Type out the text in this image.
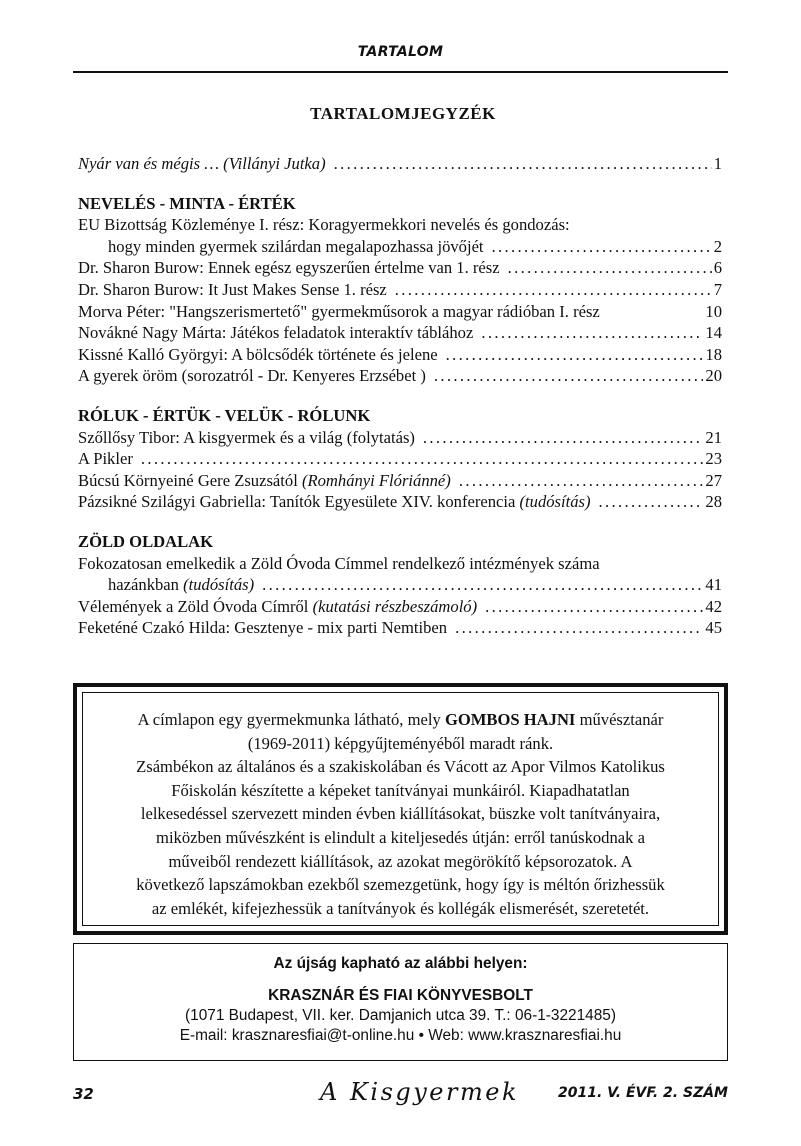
TARTALOM
TARTALOMJEGYZÉK
Nyár van és mégis … (Villányi Jutka) . . .	1
NEVELÉS - MINTA - ÉRTÉK
EU Bizottság Közleménye I. rész: Koragyermekkori nevelés és gondozás:
hogy minden gyermek szilárdan megalapozhassa jövőjét . . .	2
Dr. Sharon Burow: Ennek egész egyszerűen értelme van 1. rész . . .	6
Dr. Sharon Burow: It Just Makes Sense 1. rész . . .	7
Morva Péter: "Hangszerismertető" gyermekműsorok a magyar rádióban I. rész	10
Novákné Nagy Márta: Játékos feladatok interaktív táblához . . .	14
Kissné Kalló Györgyi: A bölcsődék története és jelene . . .	18
A gyerek öröm (sorozatról - Dr. Kenyeres Erzsébet ) . . .	20
RÓLUK - ÉRTÜK - VELÜK - RÓLUNK
Szőllősy Tibor: A kisgyermek és a világ (folytatás) . . .	21
A Pikler . . .	23
Búcsú Környeiné Gere Zsuzsától
(Romhányi Flóriánné) . . .	27
Pázsikné Szilágyi Gabriella: Tanítók Egyesülete XIV. konferencia
(tudósítás) . . .	28
ZÖLD OLDALAK
Fokozatosan emelkedik a Zöld Óvoda Címmel rendelkező intézmények száma
hazánkban
(tudósítás) . . .	41
Vélemények a Zöld Óvoda Címről
(kutatási részbeszámoló) . . .	42
Feketéné Czakó Hilda: Gesztenye - mix parti Nemtiben . . .	45
A címlapon egy gyermekmunka látható, mely GOMBOS HAJNI művésztanár
(1969-2011) képgyűjteményéből maradt ránk.
Zsámbékon az általános és a szakiskolában és Vácott az Apor Vilmos Katolikus
Főiskolán készítette a képeket tanítványai munkáiról. Kiapadhatatlan
lelkesedéssel szervezett minden évben kiállításokat, büszke volt tanítványaira,
miközben művészként is elindult a kiteljesedés útján: erről tanúskodnak a
műveiből rendezett kiállítások, az azokat megörökítő képsorozatok. A
következő lapszámokban ezekből szemezgetünk, hogy így is méltón őrizhessük
az emlékét, kifejezhessük a tanítványok és kollégák elismerését, szeretetét.
Az újság kapható az alábbi helyen:
KRASZNÁR ÉS FIAI KÖNYVESBOLT
(1071 Budapest, VII. ker. Damjanich utca 39. T.: 06-1-3221485)
E-mail: krasznaresfiai@t-online.hu • Web: www.krasznaresfiai.hu
32	A Kisgyermek	2011. V. ÉVF. 2. SZÁM
